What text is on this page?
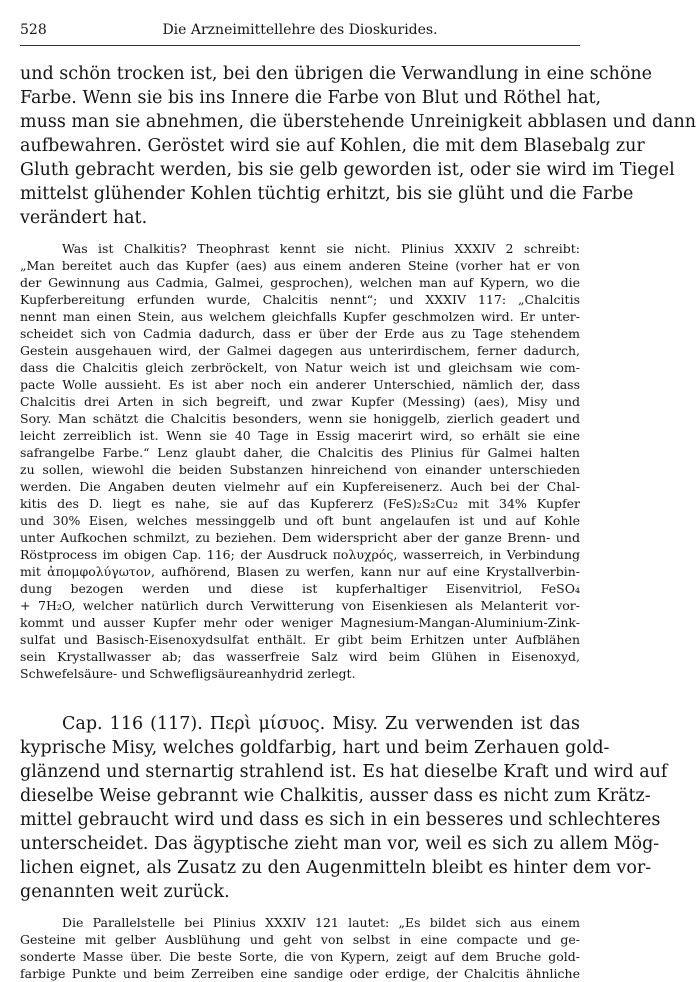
528	Die Arzneimittellehre des Dioskurides.
und schön trocken ist, bei den übrigen die Verwandlung in eine schöne
Farbe. Wenn sie bis ins Innere die Farbe von Blut und Röthel hat,
muss man sie abnehmen, die überstehende Unreinigkeit abblasen und dann
aufbewahren. Geröstet wird sie auf Kohlen, die mit dem Blasebalg zur
Gluth gebracht werden, bis sie gelb geworden ist, oder sie wird im Tiegel
mittelst glühender Kohlen tüchtig erhitzt, bis sie glüht und die Farbe
verändert hat.
Was ist Chalkitis? Theophrast kennt sie nicht. Plinius XXXIV 2 schreibt:
„Man bereitet auch das Kupfer (aes) aus einem anderen Steine (vorher hat er von
der Gewinnung aus Cadmia, Galmei, gesprochen), welchen man auf Kypern, wo die
Kupferbereitung erfunden wurde, Chalcitis nennt“; und XXXIV 117: „Chalcitis
nennt man einen Stein, aus welchem gleichfalls Kupfer geschmolzen wird. Er unter-
scheidet sich von Cadmia dadurch, dass er über der Erde aus zu Tage stehendem
Gestein ausgehauen wird, der Galmei dagegen aus unterirdischem, ferner dadurch,
dass die Chalcitis gleich zerbröckelt, von Natur weich ist und gleichsam wie com-
pacte Wolle aussieht. Es ist aber noch ein anderer Unterschied, nämlich der, dass
Chalcitis drei Arten in sich begreift, und zwar Kupfer (Messing) (aes), Misy und
Sory. Man schätzt die Chalcitis besonders, wenn sie honiggelb, zierlich geadert und
leicht zerreiblich ist. Wenn sie 40 Tage in Essig macerirt wird, so erhält sie eine
safrangelbe Farbe.“ Lenz glaubt daher, die Chalcitis des Plinius für Galmei halten
zu sollen, wiewohl die beiden Substanzen hinreichend von einander unterschieden
werden. Die Angaben deuten vielmehr auf ein Kupfereisenerz. Auch bei der Chal-
kitis des D. liegt es nahe, sie auf das Kupfererz (FeS)₂S₂Cu₂ mit 34% Kupfer
und 30% Eisen, welches messinggelb und oft bunt angelaufen ist und auf Kohle
unter Aufkochen schmilzt, zu beziehen. Dem widerspricht aber der ganze Brenn- und
Röstprocess im obigen Cap. 116; der Ausdruck πολυχρός, wasserreich, in Verbindung
mit ἀπομφολύγωτον, aufhörend, Blasen zu werfen, kann nur auf eine Krystallverbin-
dung bezogen werden und diese ist kupferhaltiger Eisenvitriol, FeSO₄
+ 7H₂O, welcher natürlich durch Verwitterung von Eisenkiesen als Melanterit vor-
kommt und ausser Kupfer mehr oder weniger Magnesium-Mangan-Aluminium-Zink-
sulfat und Basisch-Eisenoxydsulfat enthält. Er gibt beim Erhitzen unter Aufblähen
sein Krystallwasser ab; das wasserfreie Salz wird beim Glühen in Eisenoxyd,
Schwefelsäure- und Schwefligsäureanhydrid zerlegt.
Cap. 116 (117). Περὶ μίσυος. Misy. Zu verwenden ist das
kyprische Misy, welches goldfarbig, hart und beim Zerhauen gold-
glänzend und sternartig strahlend ist. Es hat dieselbe Kraft und wird auf
dieselbe Weise gebrannt wie Chalkitis, ausser dass es nicht zum Krätz-
mittel gebraucht wird und dass es sich in ein besseres und schlechteres
unterscheidet. Das ägyptische zieht man vor, weil es sich zu allem Mög-
lichen eignet, als Zusatz zu den Augenmitteln bleibt es hinter dem vor-
genannten weit zurück.
Die Parallelstelle bei Plinius XXXIV 121 lautet: „Es bildet sich aus einem
Gesteine mit gelber Ausblühung und geht von selbst in eine compacte und ge-
sonderte Masse über. Die beste Sorte, die von Kypern, zeigt auf dem Bruche gold-
farbige Punkte und beim Zerreiben eine sandige oder erdige, der Chalcitis ähnliche
